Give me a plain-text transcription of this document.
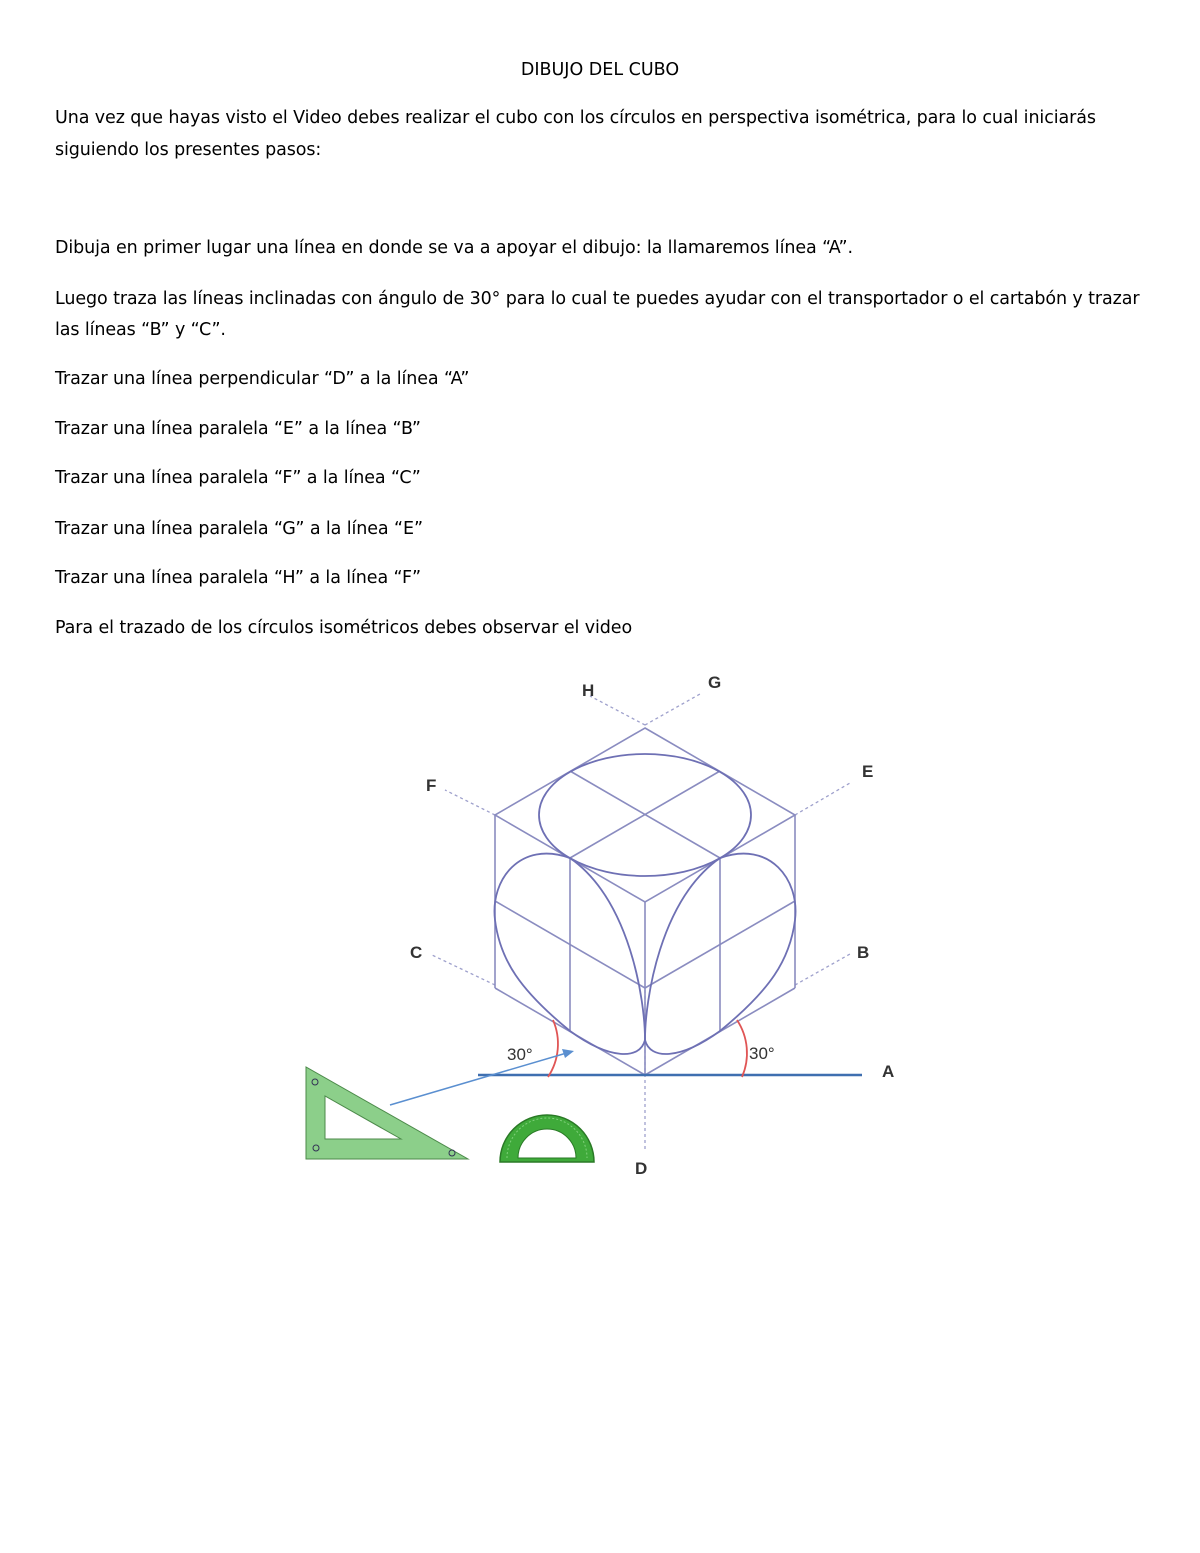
DIBUJO DEL CUBO
Una vez que hayas visto el Video debes realizar el cubo con los círculos en perspectiva isométrica, para lo cual iniciarás
siguiendo los presentes pasos:
Dibuja en primer lugar una línea en donde se va a apoyar el dibujo: la llamaremos línea “A”.
Luego traza las líneas inclinadas con ángulo de 30° para lo cual te puedes ayudar con el transportador o el cartabón y trazar
las líneas “B” y “C”.
Trazar una línea perpendicular “D” a la línea “A”
Trazar una línea paralela “E” a la línea “B”
Trazar una línea paralela “F” a la línea “C”
Trazar una línea paralela “G” a la línea “E”
Trazar una línea paralela “H” a la línea “F”
Para el trazado de los círculos isométricos debes observar el video
H	G
F
E
C	B
A
D
30°	30°
